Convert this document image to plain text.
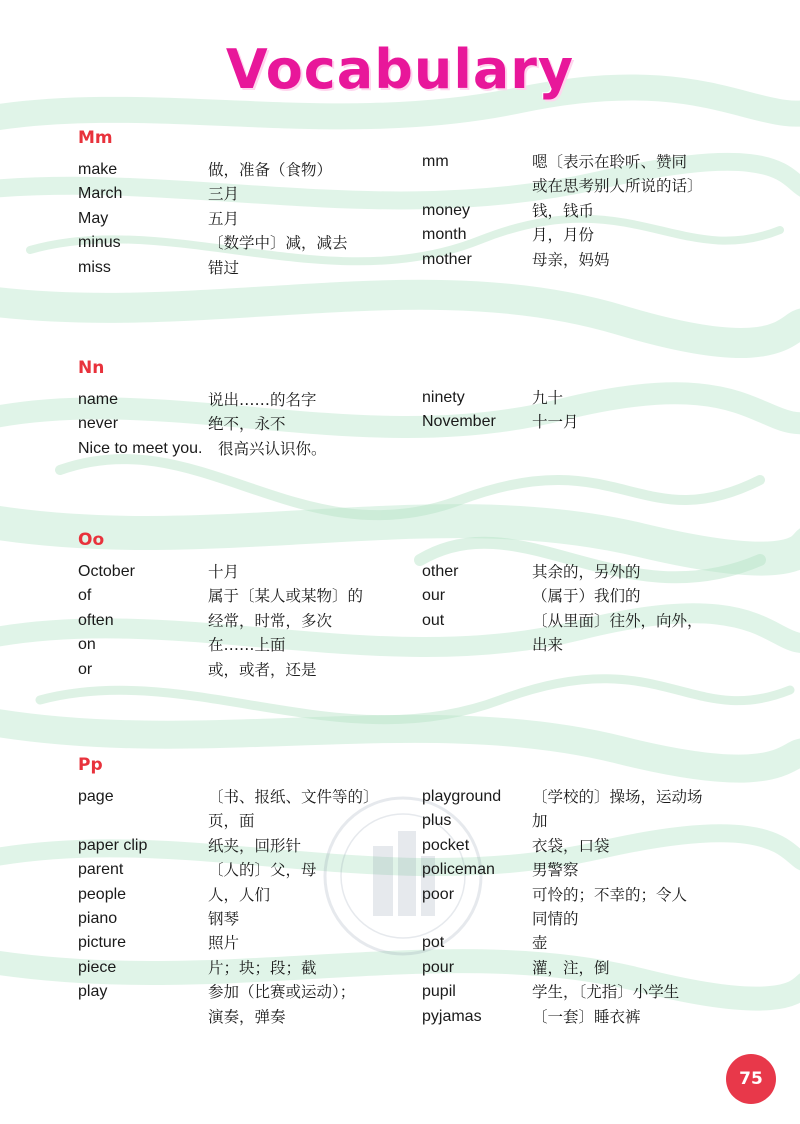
Vocabulary
Mm
make	做，准备（食物）
March	三月
May	五月
minus	〔数学中〕减，减去
miss	错过
mm	嗯〔表示在聆听、赞同
或在思考别人所说的话〕
money	钱，钱币
month	月，月份
mother	母亲，妈妈
Nn
name	说出……的名字
never	绝不，永不
Nice to meet you.	很高兴认识你。
ninety	九十
November	十一月
Oo
October	十月
of	属于〔某人或某物〕的
often	经常，时常，多次
on	在……上面
or	或，或者，还是
other	其余的，另外的
our	（属于）我们的
out	〔从里面〕往外，向外，
出来
Pp
page	〔书、报纸、文件等的〕
页，面
paper clip	纸夹，回形针
parent	〔人的〕父，母
people	人，人们
piano	钢琴
picture	照片
piece	片；块；段；截
play	参加（比赛或运动）；
演奏，弹奏
playground	〔学校的〕操场，运动场
plus	加
pocket	衣袋，口袋
policeman	男警察
poor	可怜的；不幸的；令人
同情的
pot	壶
pour	灌，注，倒
pupil	学生，〔尤指〕小学生
pyjamas	〔一套〕睡衣裤
75
